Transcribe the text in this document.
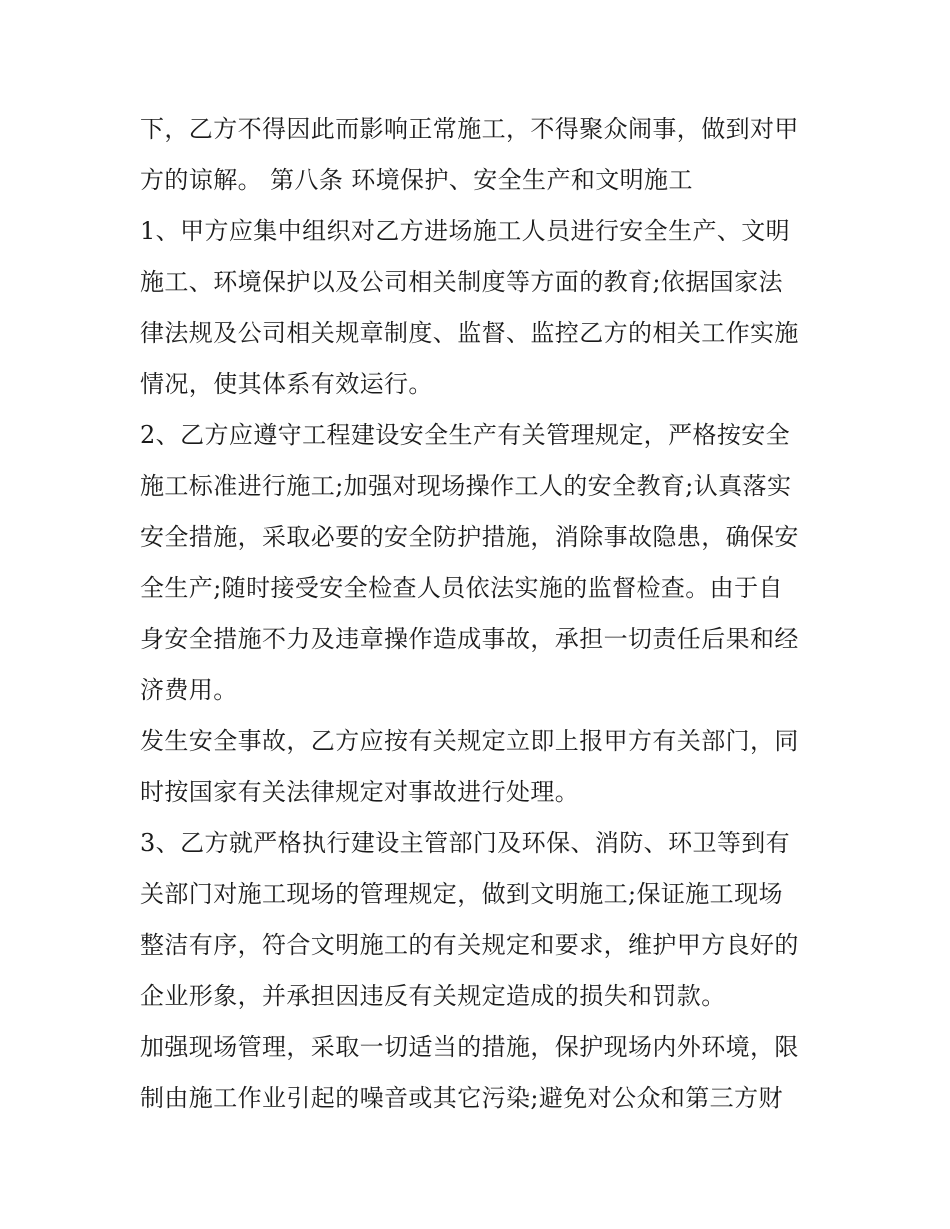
下，乙方不得因此而影响正常施工，不得聚众闹事，做到对甲
方的谅解。 第八条 环境保护、安全生产和文明施工
1、甲方应集中组织对乙方进场施工人员进行安全生产、文明
施工、环境保护以及公司相关制度等方面的教育;依据国家法
律法规及公司相关规章制度、监督、监控乙方的相关工作实施
情况，使其体系有效运行。
2、乙方应遵守工程建设安全生产有关管理规定，严格按安全
施工标准进行施工;加强对现场操作工人的安全教育;认真落实
安全措施，采取必要的安全防护措施，消除事故隐患，确保安
全生产;随时接受安全检查人员依法实施的监督检查。由于自
身安全措施不力及违章操作造成事故，承担一切责任后果和经
济费用。
发生安全事故，乙方应按有关规定立即上报甲方有关部门，同
时按国家有关法律规定对事故进行处理。
3、乙方就严格执行建设主管部门及环保、消防、环卫等到有
关部门对施工现场的管理规定，做到文明施工;保证施工现场
整洁有序，符合文明施工的有关规定和要求，维护甲方良好的
企业形象，并承担因违反有关规定造成的损失和罚款。
加强现场管理，采取一切适当的措施，保护现场内外环境，限
制由施工作业引起的噪音或其它污染;避免对公众和第三方财
